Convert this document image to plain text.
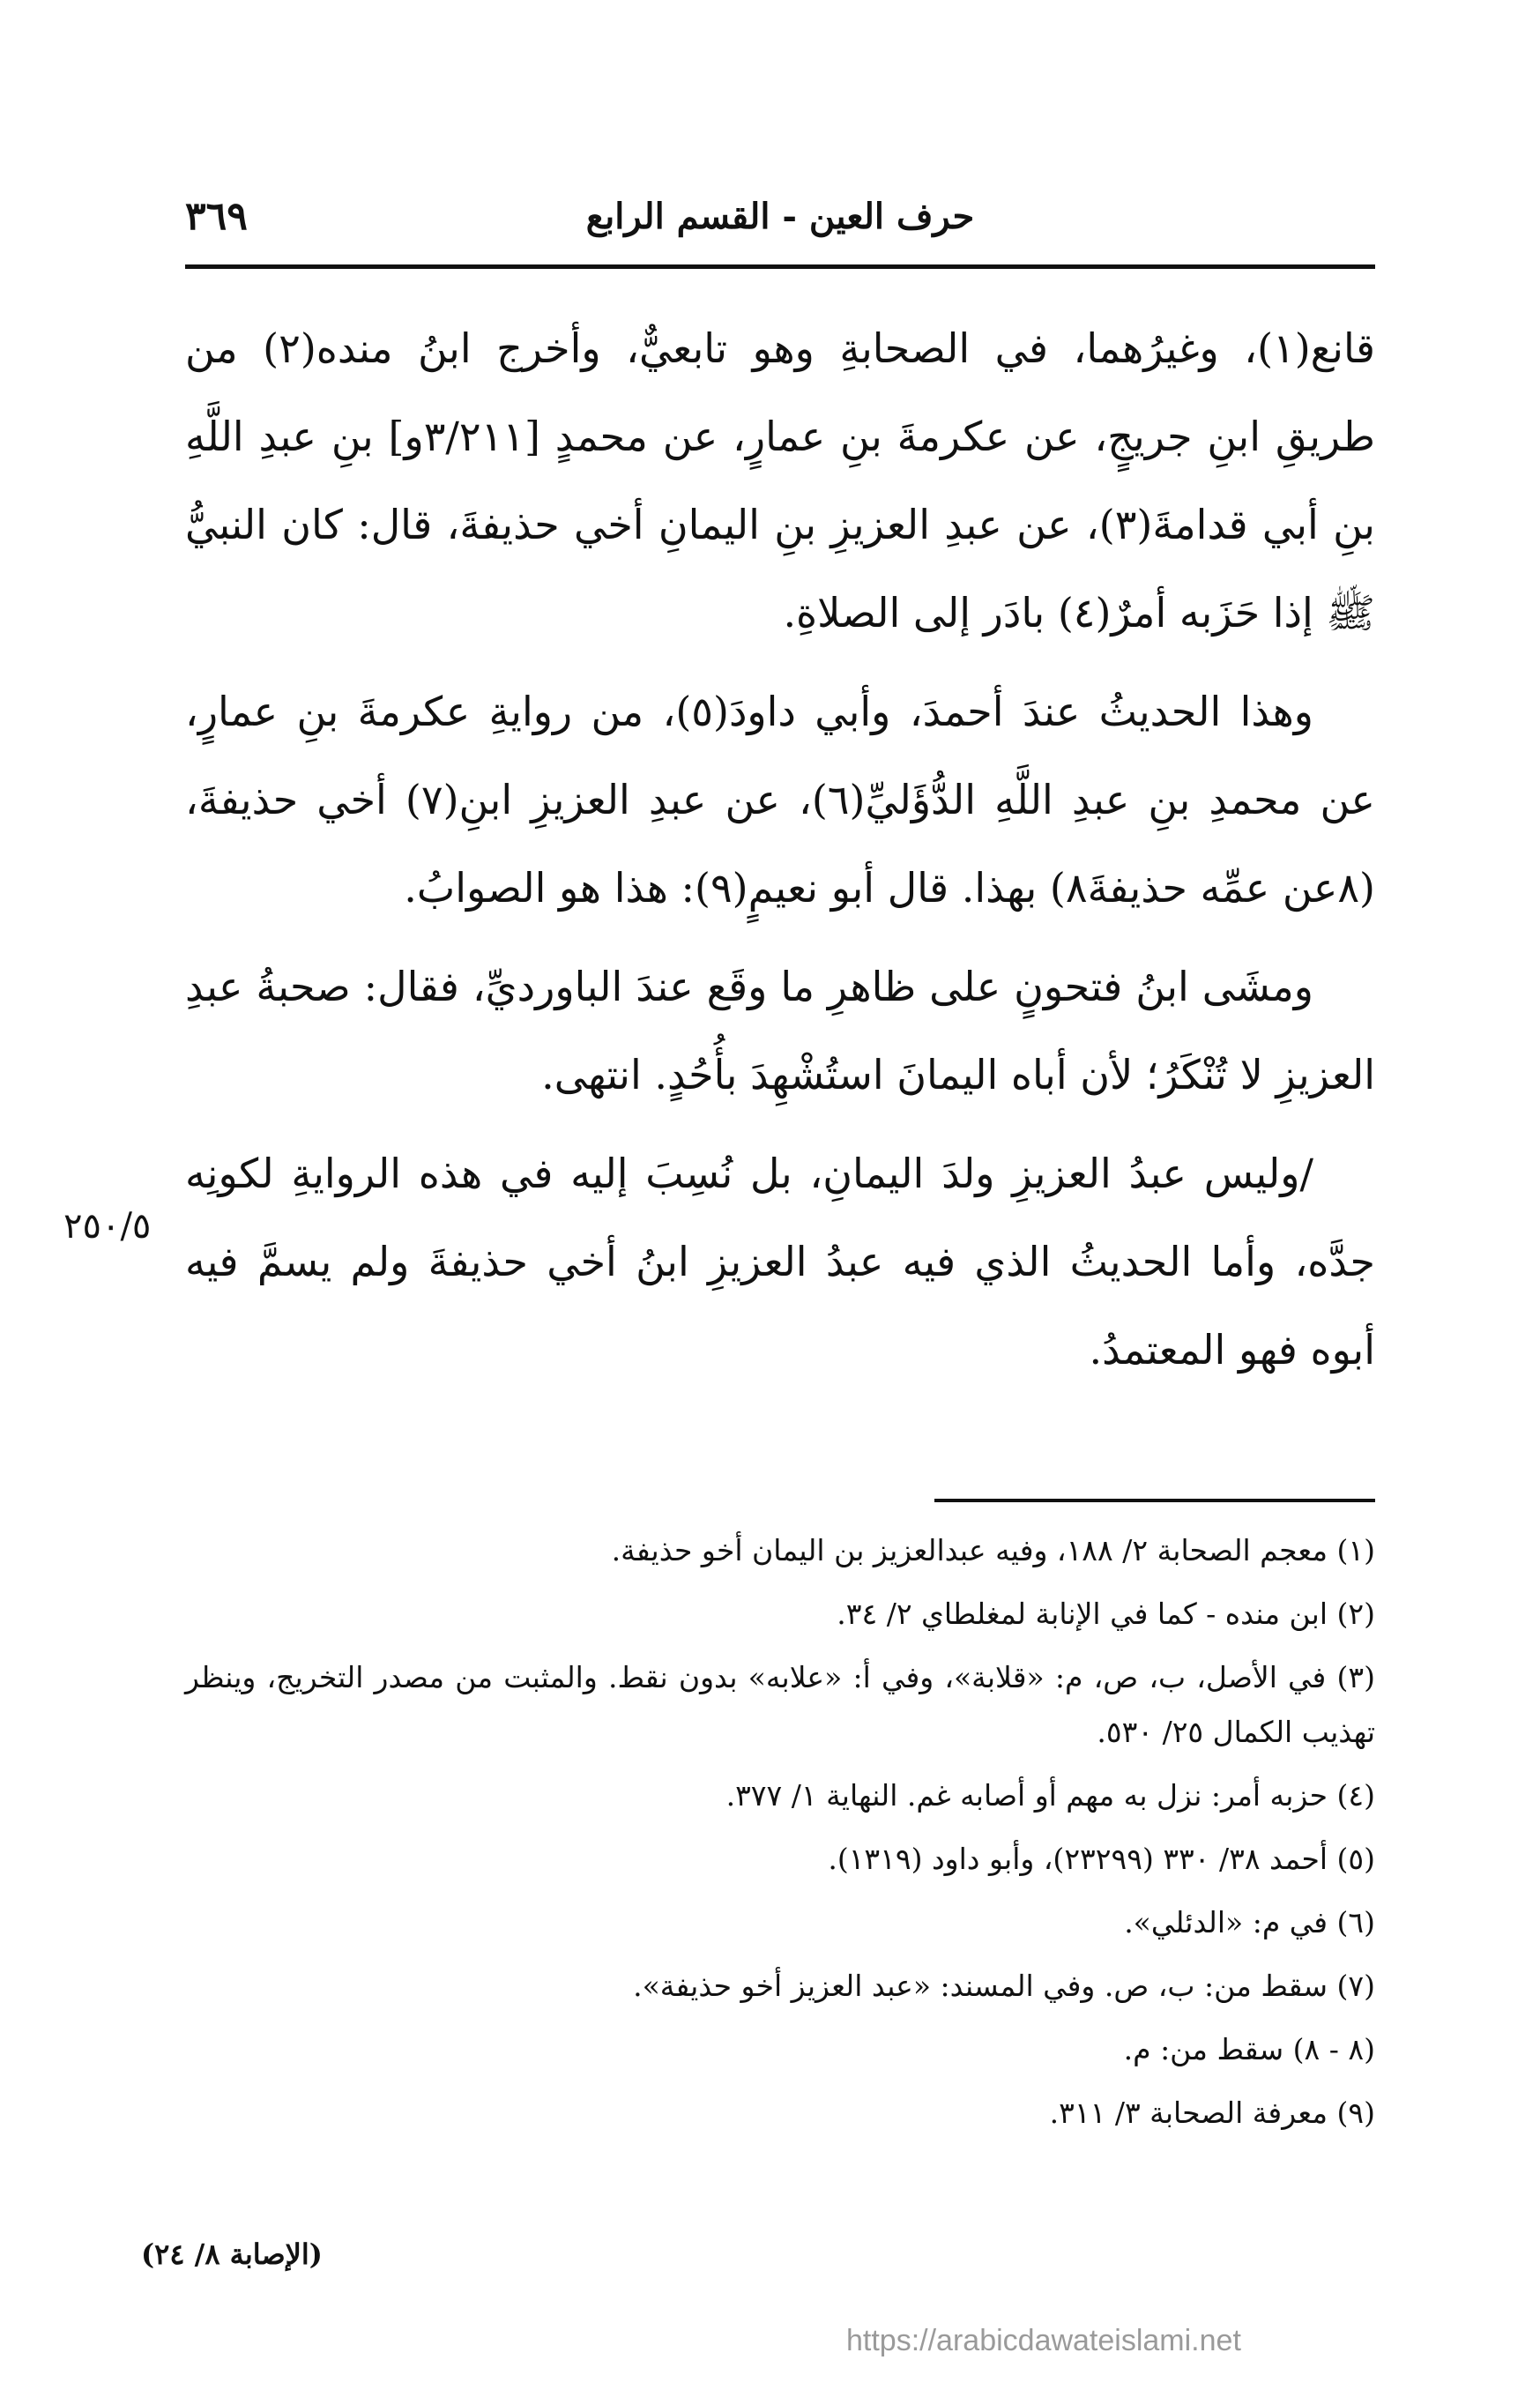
٣٦٩	حرف العين - القسم الرابع

قانع(١)، وغيرُهما، في الصحابةِ وهو تابعيٌّ، وأخرج ابنُ منده(٢) من طريقِ ابنِ جريجٍ، عن عكرمةَ بنِ عمارٍ، عن محمدٍ [٣/٢١١و] بنِ عبدِ اللَّهِ بنِ أبي قدامةَ(٣)، عن عبدِ العزيزِ بنِ اليمانِ أخي حذيفةَ، قال: كان النبيُّ ﷺ إذا حَزَبه أمرٌ(٤) بادَر إلى الصلاةِ.

وهذا الحديثُ عندَ أحمدَ، وأبي داودَ(٥)، من روايةِ عكرمةَ بنِ عمارٍ، عن محمدِ بنِ عبدِ اللَّهِ الدُّؤَليِّ(٦)، عن عبدِ العزيزِ ابنِ(٧) أخي حذيفةَ، (٨عن عمِّه حذيفةَ٨) بهذا. قال أبو نعيمٍ(٩): هذا هو الصوابُ.

ومشَى ابنُ فتحونٍ على ظاهرِ ما وقَع عندَ الباورديِّ، فقال: صحبةُ عبدِ العزيزِ لا تُنْكَرُ؛ لأن أباه اليمانَ استُشْهِدَ بأُحُدٍ. انتهى.

/وليس عبدُ العزيزِ ولدَ اليمانِ، بل نُسِبَ إليه في هذه الروايةِ لكونِه جدَّه، وأما الحديثُ الذي فيه عبدُ العزيزِ ابنُ أخي حذيفةَ ولم يسمَّ فيه أبوه فهو المعتمدُ.

٢٥٠/٥

(١) معجم الصحابة ٢/ ١٨٨، وفيه عبدالعزيز بن اليمان أخو حذيفة.

(٢) ابن منده - كما في الإنابة لمغلطاي ٢/ ٣٤.

(٣) في الأصل، ب، ص، م: «قلابة»، وفي أ: «علابه» بدون نقط. والمثبت من مصدر التخريج، وينظر تهذيب الكمال ٢٥/ ٥٣٠.

(٤) حزبه أمر: نزل به مهم أو أصابه غم. النهاية ١/ ٣٧٧.

(٥) أحمد ٣٨/ ٣٣٠ (٢٣٢٩٩)، وأبو داود (١٣١٩).

(٦) في م: «الدئلي».

(٧) سقط من: ب، ص. وفي المسند: «عبد العزيز أخو حذيفة».

(٨ - ٨) سقط من: م.

(٩) معرفة الصحابة ٣/ ٣١١.

(الإصابة ٨/ ٢٤)
https://arabicdawateislami.net
